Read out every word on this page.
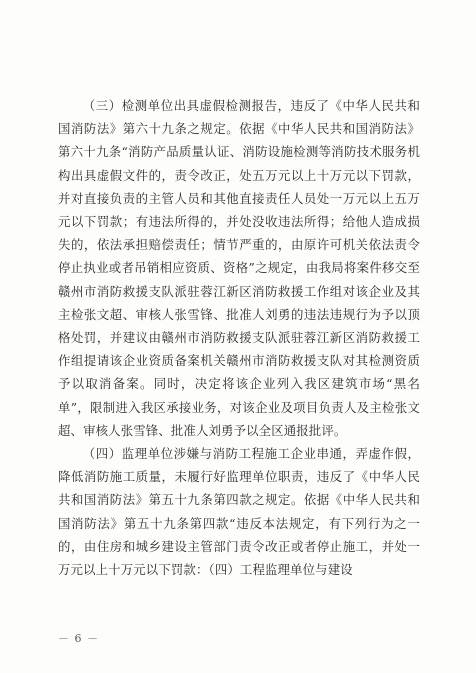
（三）检测单位出具虚假检测报告，违反了《中华人民共和国消防法》第六十九条之规定。依据《中华人民共和国消防法》第六十九条“消防产品质量认证、消防设施检测等消防技术服务机构出具虚假文件的，责令改正，处五万元以上十万元以下罚款，并对直接负责的主管人员和其他直接责任人员处一万元以上五万元以下罚款；有违法所得的，并处没收违法所得；给他人造成损失的，依法承担赔偿责任；情节严重的，由原许可机关依法责令停止执业或者吊销相应资质、资格”之规定，由我局将案件移交至赣州市消防救援支队派驻蓉江新区消防救援工作组对该企业及其主检张文超、审核人张雪锋、批准人刘勇的违法违规行为予以顶格处罚，并建议由赣州市消防救援支队派驻蓉江新区消防救援工作组提请该企业资质备案机关赣州市消防救援支队对其检测资质予以取消备案。同时，决定将该企业列入我区建筑市场“黑名单”，限制进入我区承接业务，对该企业及项目负责人及主检张文超、审核人张雪锋、批准人刘勇予以全区通报批评。

（四）监理单位涉嫌与消防工程施工企业串通，弄虚作假，降低消防施工质量，未履行好监理单位职责，违反了《中华人民共和国消防法》第五十九条第四款之规定。依据《中华人民共和国消防法》第五十九条第四款“违反本法规定，有下列行为之一的，由住房和城乡建设主管部门责令改正或者停止施工，并处一万元以上十万元以下罚款：（四）工程监理单位与建设

－ 6 －
